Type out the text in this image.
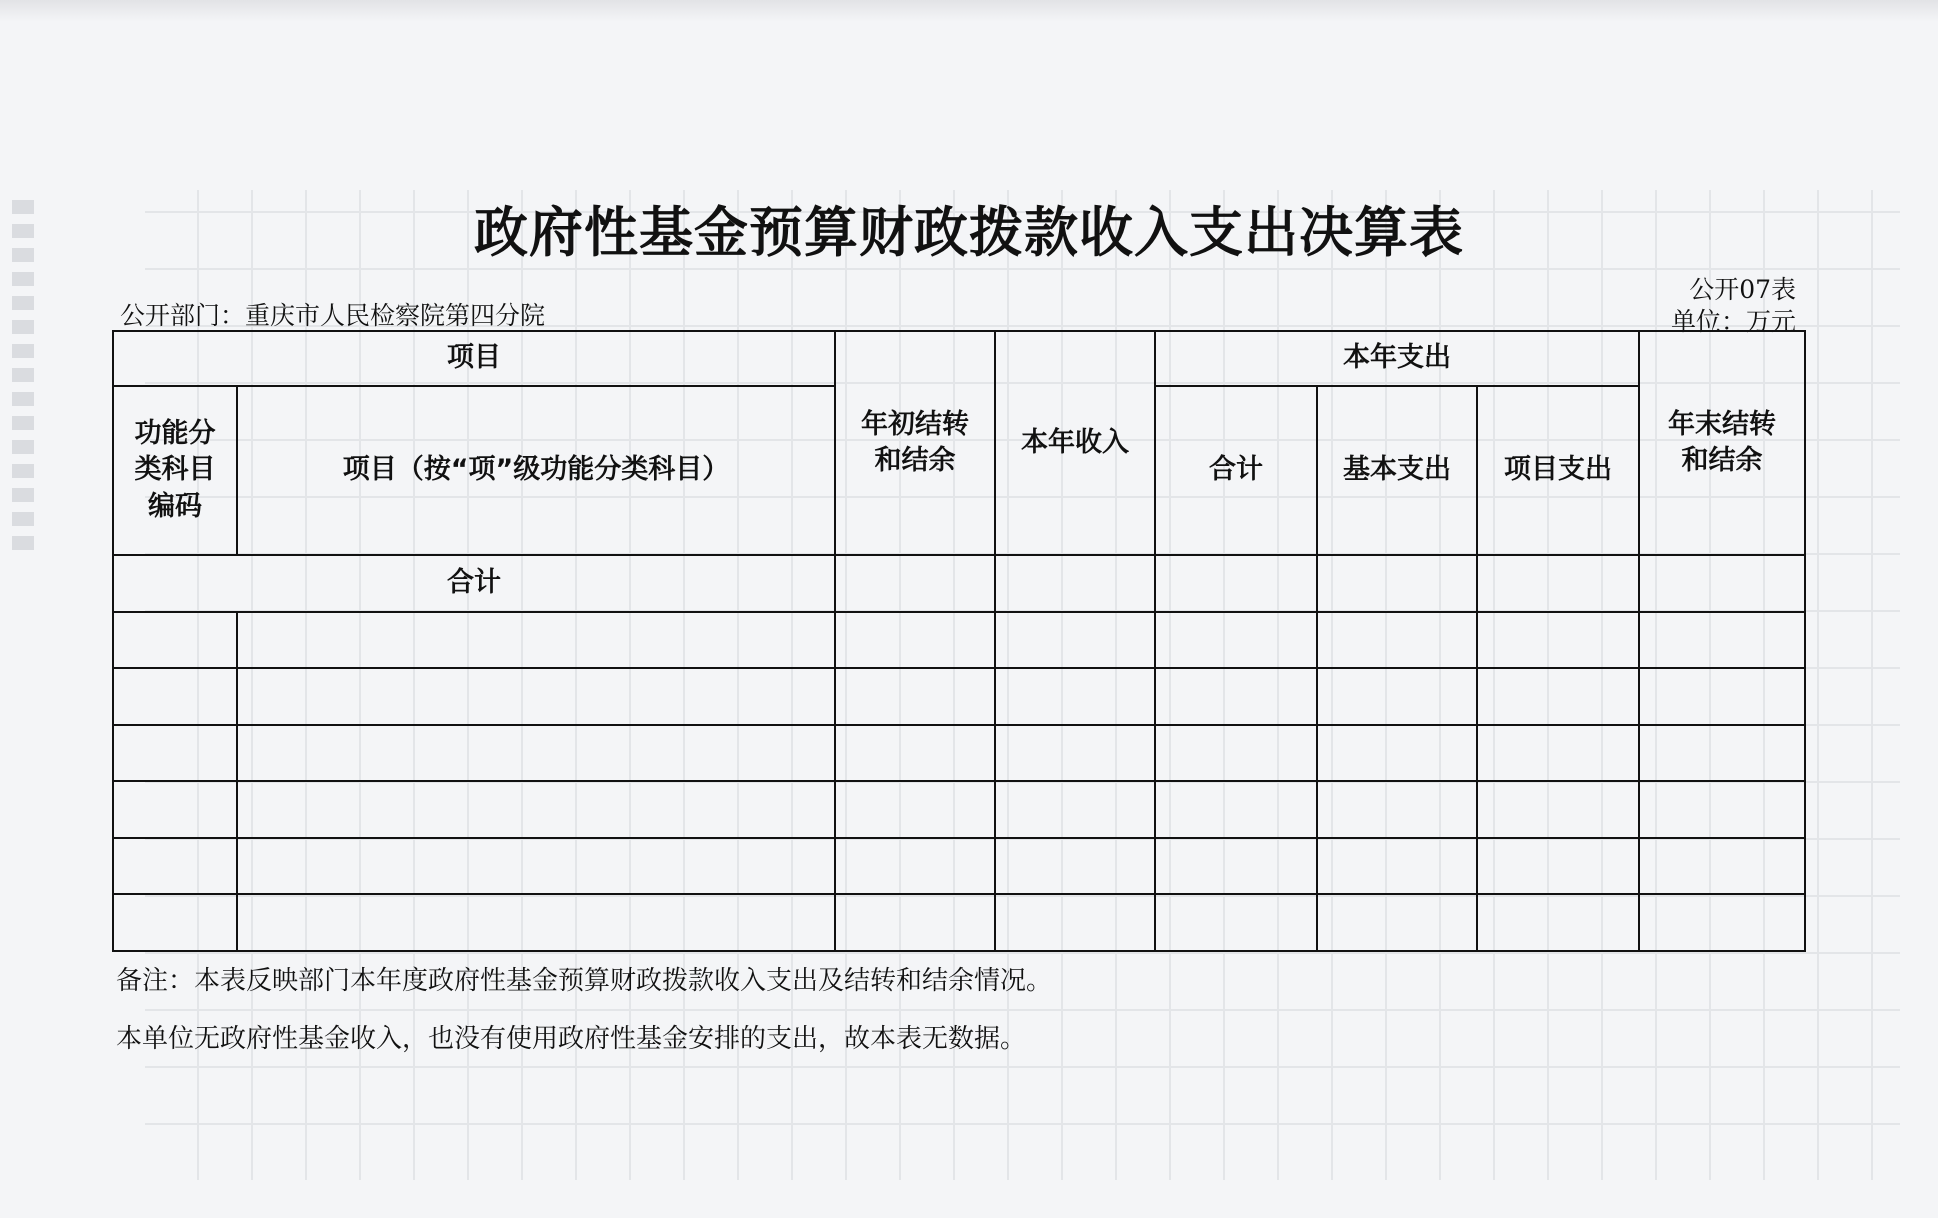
政府性基金预算财政拨款收入支出决算表
公开07表
公开部门：重庆市人民检察院第四分院	单位：万元
项目		年初结转和结余	本年收入	本年支出			年末结转和结余
功能分类科目编码	项目（按“项”级功能分类科目）			合计	基本支出	项目支出	
合计							

备注：本表反映部门本年度政府性基金预算财政拨款收入支出及结转和结余情况。
本单位无政府性基金收入，也没有使用政府性基金安排的支出，故本表无数据。
